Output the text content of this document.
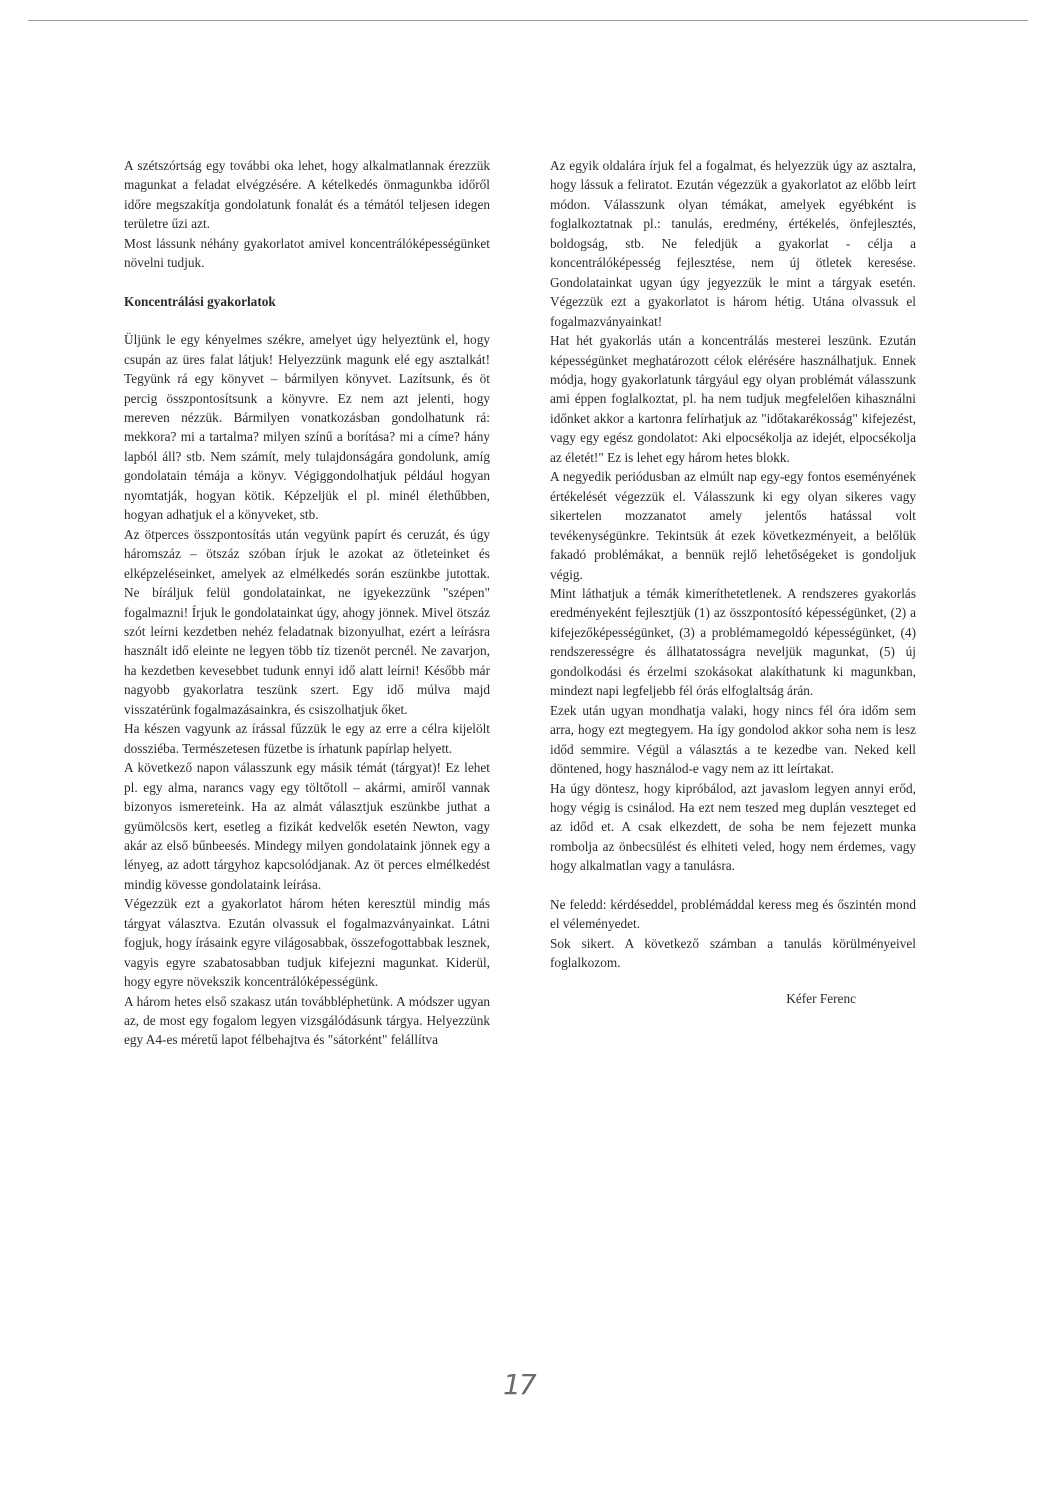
A szétszórtság egy további oka lehet, hogy alkalmatlannak érezzük magunkat a feladat elvégzésére. A kételkedés önmagunkba időről időre megszakítja gondolatunk fonalát és a témától teljesen idegen területre űzi azt.

Most lássunk néhány gyakorlatot amivel koncentrálóképességünket növelni tudjuk.

Koncentrálási gyakorlatok

Üljünk le egy kényelmes székre, amelyet úgy helyeztünk el, hogy csupán az üres falat látjuk! Helyezzünk magunk elé egy asztalkát! Tegyünk rá egy könyvet – bármilyen könyvet. Lazítsunk, és öt percig összpontosítsunk a könyvre. Ez nem azt jelenti, hogy mereven nézzük. Bármilyen vonatkozásban gondolhatunk rá: mekkora? mi a tartalma? milyen színű a borítása? mi a címe? hány lapból áll? stb. Nem számít, mely tulajdonságára gondolunk, amíg gondolatain témája a könyv. Végiggondolhatjuk például hogyan nyomtatják, hogyan kötik. Képzeljük el pl. minél élethűbben, hogyan adhatjuk el a könyveket, stb.

Az ötperces összpontosítás után vegyünk papírt és ceruzát, és úgy háromszáz – ötszáz szóban írjuk le azokat az ötleteinket és elképzeléseinket, amelyek az elmélkedés során eszünkbe jutottak. Ne bíráljuk felül gondolatainkat, ne igyekezzünk "szépen" fogalmazni! Írjuk le gondolatainkat úgy, ahogy jönnek. Mivel ötszáz szót leírni kezdetben nehéz feladatnak bizonyulhat, ezért a leírásra használt idő eleinte ne legyen több tíz tizenöt percnél. Ne zavarjon, ha kezdetben kevesebbet tudunk ennyi idő alatt leírni! Később már nagyobb gyakorlatra teszünk szert. Egy idő múlva majd visszatérünk fogalmazásainkra, és csiszolhatjuk őket.

Ha készen vagyunk az írással fűzzük le egy az erre a célra kijelölt dossziéba. Természetesen füzetbe is írhatunk papírlap helyett.

A következő napon válasszunk egy másik témát (tárgyat)! Ez lehet pl. egy alma, narancs vagy egy töltőtoll – akármi, amiről vannak bizonyos ismereteink. Ha az almát választjuk eszünkbe juthat a gyümölcsös kert, esetleg a fizikát kedvelők esetén Newton, vagy akár az első bűnbeesés. Mindegy milyen gondolataink jönnek egy a lényeg, az adott tárgyhoz kapcsolódjanak. Az öt perces elmélkedést mindig kövesse gondolataink leírása.

Végezzük ezt a gyakorlatot három héten keresztül mindig más tárgyat választva. Ezután olvassuk el fogalmazványainkat. Látni fogjuk, hogy írásaink egyre világosabbak, összefogottabbak lesznek, vagyis egyre szabatosabban tudjuk kifejezni magunkat. Kiderül, hogy egyre növekszik koncentrálóképességünk.

A három hetes első szakasz után továbbléphetünk. A módszer ugyan az, de most egy fogalom legyen vizsgálódásunk tárgya. Helyezzünk egy A4-es méretű lapot félbehajtva és "sátorként" felállítva

Az egyik oldalára írjuk fel a fogalmat, és helyezzük úgy az asztalra, hogy lássuk a feliratot. Ezután végezzük a gyakorlatot az előbb leírt módon. Válasszunk olyan témákat, amelyek egyébként is foglalkoztatnak pl.: tanulás, eredmény, értékelés, önfejlesztés, boldogság, stb. Ne feledjük a gyakorlat - célja a koncentrálóképesség fejlesztése, nem új ötletek keresése. Gondolatainkat ugyan úgy jegyezzük le mint a tárgyak esetén. Végezzük ezt a gyakorlatot is három hétig. Utána olvassuk el fogalmazványainkat!

Hat hét gyakorlás után a koncentrálás mesterei leszünk. Ezután képességünket meghatározott célok elérésére használhatjuk. Ennek módja, hogy gyakorlatunk tárgyául egy olyan problémát válasszunk ami éppen foglalkoztat, pl. ha nem tudjuk megfelelően kihasználni időnket akkor a kartonra felírhatjuk az "időtakarékosság" kifejezést, vagy egy egész gondolatot: Aki elpocsékolja az idejét, elpocsékolja az életét!" Ez is lehet egy három hetes blokk.

A negyedik periódusban az elmúlt nap egy-egy fontos eseményének értékelését végezzük el. Válasszunk ki egy olyan sikeres vagy sikertelen mozzanatot amely jelentős hatással volt tevékenységünkre. Tekintsük át ezek következményeit, a belőlük fakadó problémákat, a bennük rejlő lehetőségeket is gondoljuk végig.

Mint láthatjuk a témák kimeríthetetlenek. A rendszeres gyakorlás eredményeként fejlesztjük (1) az összpontosító képességünket, (2) a kifejezőképességünket, (3) a problémamegoldó képességünket, (4) rendszerességre és állhatatosságra neveljük magunkat, (5) új gondolkodási és érzelmi szokásokat alakíthatunk ki magunkban, mindezt napi legfeljebb fél órás elfoglaltság árán.

Ezek után ugyan mondhatja valaki, hogy nincs fél óra időm sem arra, hogy ezt megtegyem. Ha így gondolod akkor soha nem is lesz időd semmire. Végül a választás a te kezedbe van. Neked kell döntened, hogy használod-e vagy nem az itt leírtakat.

Ha úgy döntesz, hogy kipróbálod, azt javaslom legyen annyi erőd, hogy végig is csinálod. Ha ezt nem teszed meg duplán veszteget ed az időd et. A csak elkezdett, de soha be nem fejezett munka rombolja az önbecsülést és elhiteti veled, hogy nem érdemes, vagy hogy alkalmatlan vagy a tanulásra.

Ne feledd: kérdéseddel, problémáddal keress meg és őszintén mond el véleményedet.

Sok sikert. A következő számban a tanulás körülményeivel foglalkozom.

Kéfer Ferenc

17
